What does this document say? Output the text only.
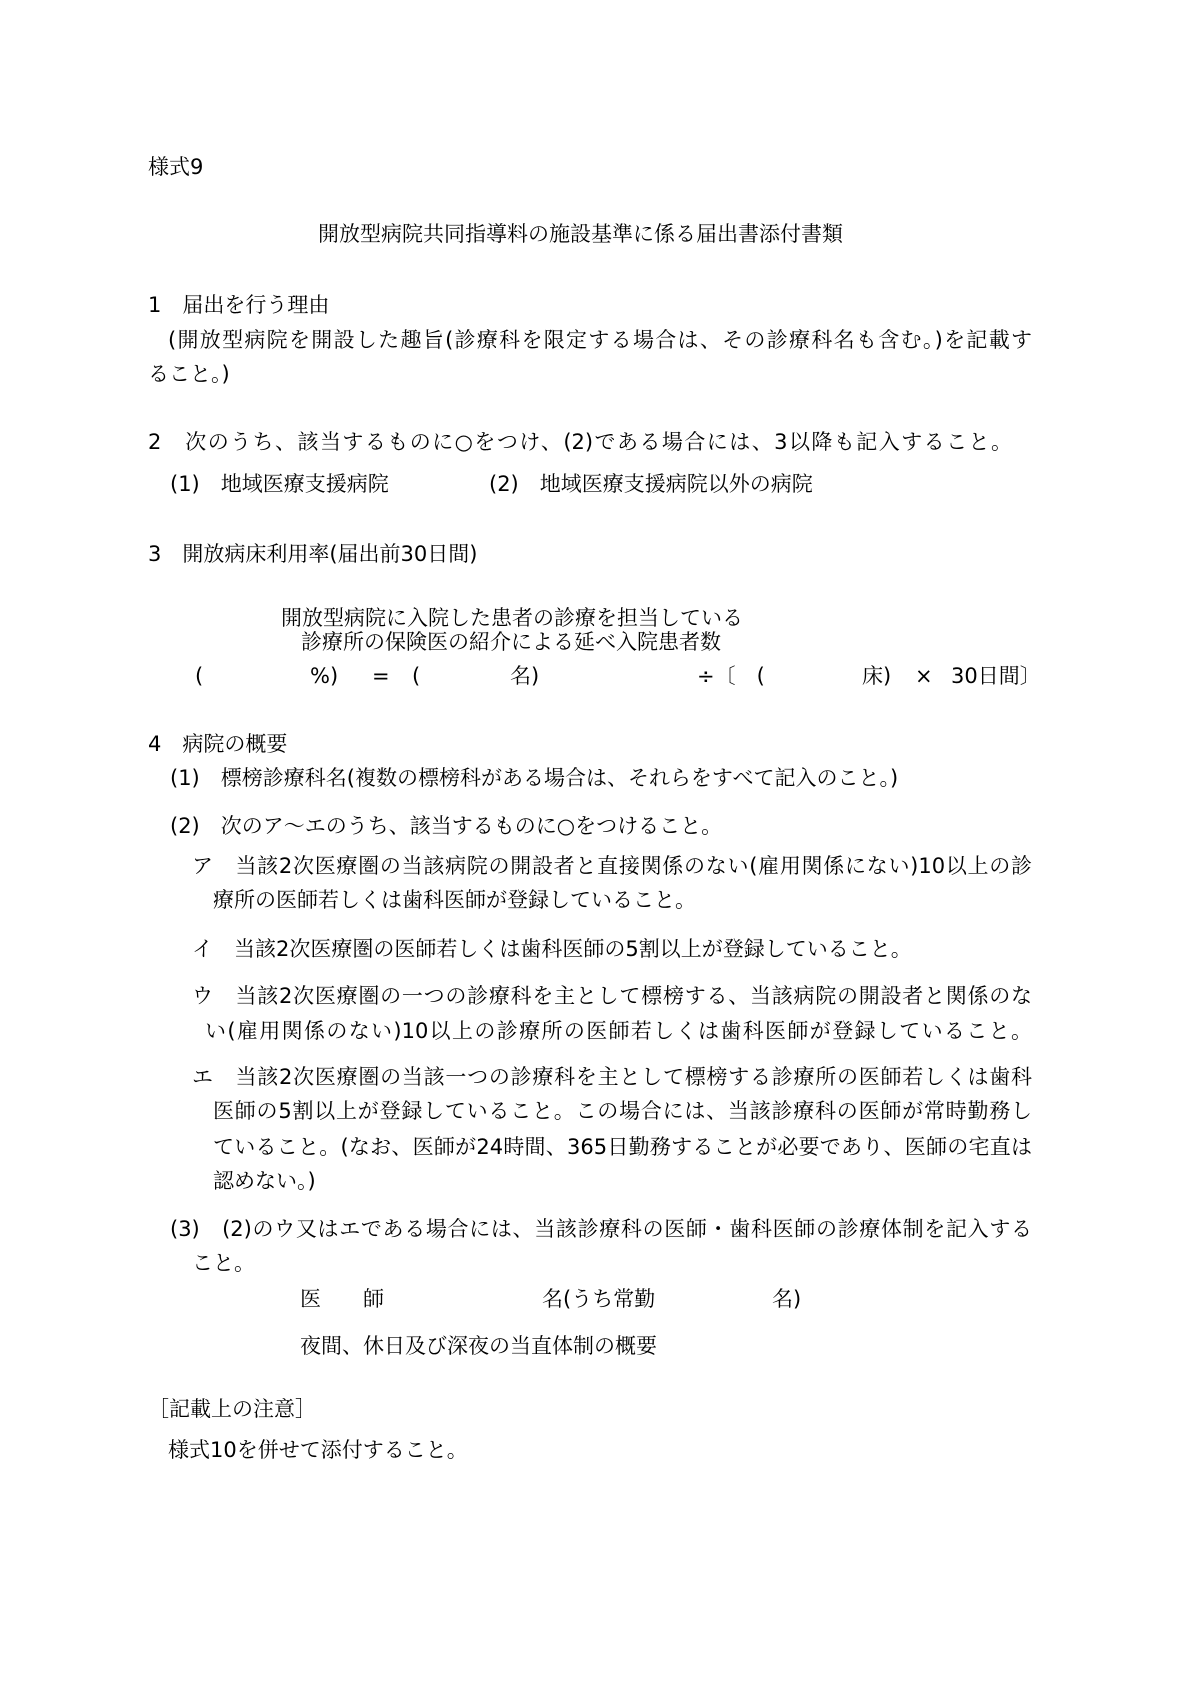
様式9
開放型病院共同指導料の施設基準に係る届出書添付書類
1　届出を行う理由
(開放型病院を開設した趣旨(診療科を限定する場合は、その診療科名も含む。)を記載す
ること。)
2　次のうち、該当するものに○をつけ、(2)である場合には、3以降も記入すること。
(1)　地域医療支援病院	(2)　地域医療支援病院以外の病院
3　開放病床利用率(届出前30日間)
開放型病院に入院した患者の診療を担当している
診療所の保険医の紹介による延べ入院患者数
(	%) = (	名)	÷〔　(	床) × 30日間〕
4　病院の概要
(1)　標榜診療科名(複数の標榜科がある場合は、それらをすべて記入のこと。)
(2)　次のア～エのうち、該当するものに○をつけること。
ア　当該2次医療圏の当該病院の開設者と直接関係のない(雇用関係にない)10以上の診
療所の医師若しくは歯科医師が登録していること。
イ　当該2次医療圏の医師若しくは歯科医師の5割以上が登録していること。
ウ　当該2次医療圏の一つの診療科を主として標榜する、当該病院の開設者と関係のな
い(雇用関係のない)10以上の診療所の医師若しくは歯科医師が登録していること。
エ　当該2次医療圏の当該一つの診療科を主として標榜する診療所の医師若しくは歯科
医師の5割以上が登録していること。この場合には、当該診療科の医師が常時勤務し
ていること。(なお、医師が24時間、365日勤務することが必要であり、医師の宅直は
認めない。)
(3)　(2)のウ又はエである場合には、当該診療科の医師・歯科医師の診療体制を記入する
こと。
医　　師	名(うち常勤	名)
夜間、休日及び深夜の当直体制の概要
［記載上の注意］
様式10を併せて添付すること。
